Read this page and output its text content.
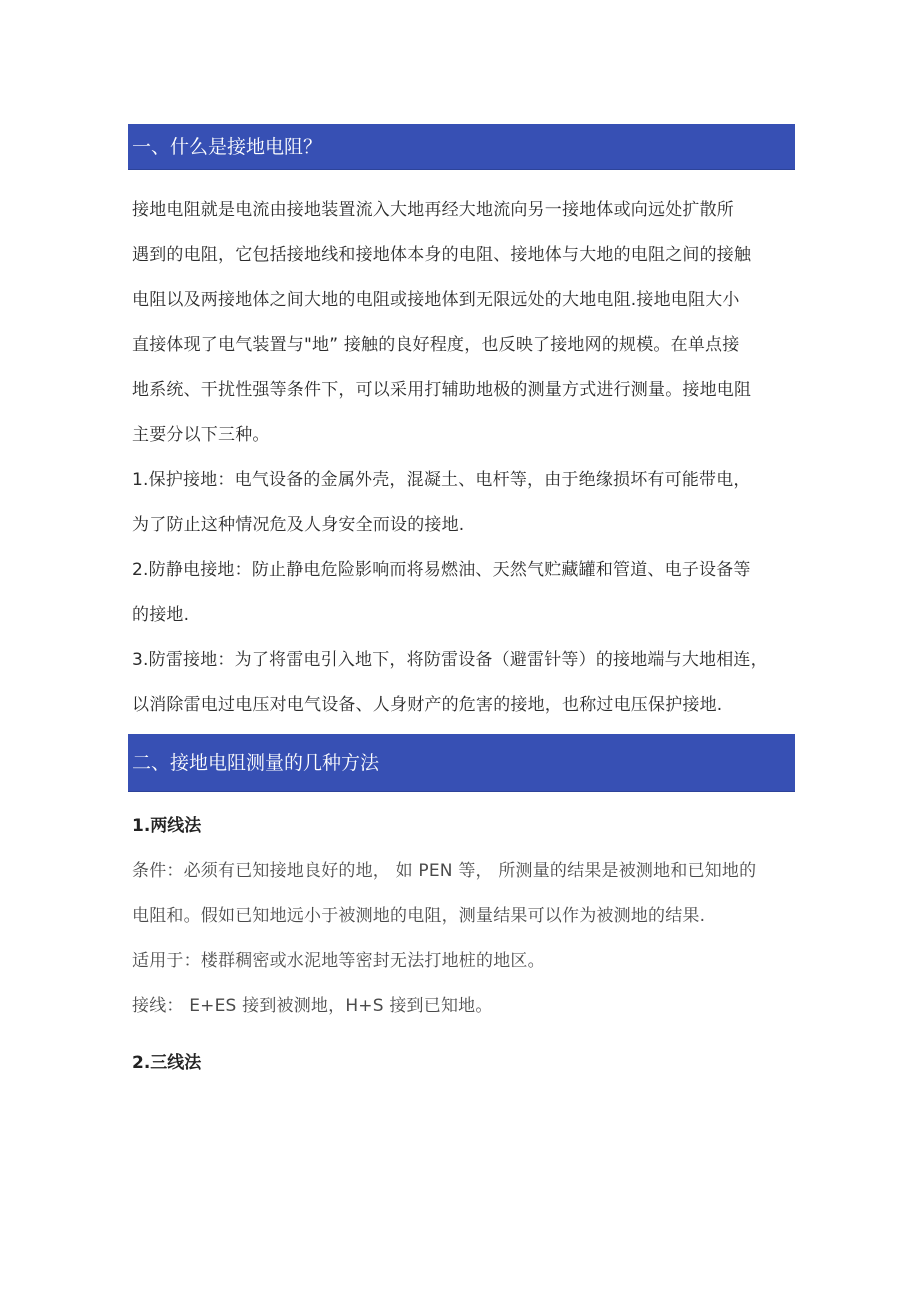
一、什么是接地电阻？

接地电阻就是电流由接地装置流入大地再经大地流向另一接地体或向远处扩散所
遇到的电阻，它包括接地线和接地体本身的电阻、接地体与大地的电阻之间的接触
电阻以及两接地体之间大地的电阻或接地体到无限远处的大地电阻.接地电阻大小
直接体现了电气装置与"地” 接触的良好程度，也反映了接地网的规模。在单点接
地系统、干扰性强等条件下，可以采用打辅助地极的测量方式进行测量。接地电阻
主要分以下三种。

1.保护接地：电气设备的金属外壳，混凝土、电杆等，由于绝缘损坏有可能带电，
为了防止这种情况危及人身安全而设的接地.

2.防静电接地：防止静电危险影响而将易燃油、天然气贮藏罐和管道、电子设备等
的接地.

3.防雷接地：为了将雷电引入地下，将防雷设备（避雷针等）的接地端与大地相连，
以消除雷电过电压对电气设备、人身财产的危害的接地，也称过电压保护接地.

二、接地电阻测量的几种方法

1.两线法

条件：必须有已知接地良好的地， 如 PEN 等， 所测量的结果是被测地和已知地的
电阻和。假如已知地远小于被测地的电阻，测量结果可以作为被测地的结果.

适用于：楼群稠密或水泥地等密封无法打地桩的地区。

接线： E+ES 接到被测地，H+S 接到已知地。

2.三线法
